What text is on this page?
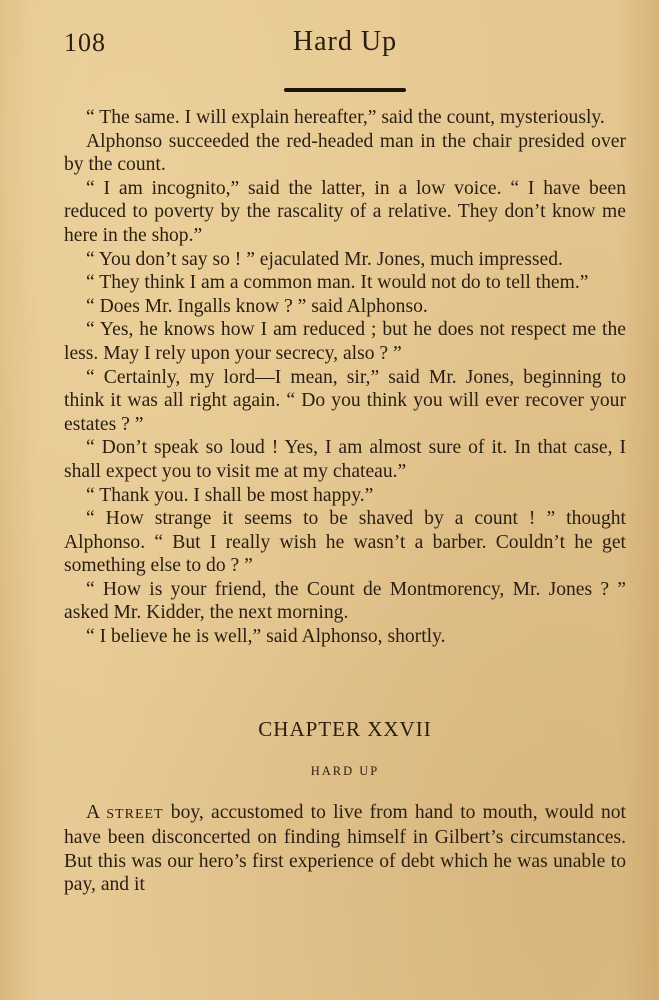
108	Hard Up

“ The same. I will explain hereafter,” said the count, mysteriously.

Alphonso succeeded the red-headed man in the chair presided over by the count.

“ I am incognito,” said the latter, in a low voice. “ I have been reduced to poverty by the rascality of a relative. They don’t know me here in the shop.”

“ You don’t say so ! ” ejaculated Mr. Jones, much impressed.

“ They think I am a common man. It would not do to tell them.”

“ Does Mr. Ingalls know ? ” said Alphonso.

“ Yes, he knows how I am reduced ; but he does not respect me the less. May I rely upon your secrecy, also ? ”

“ Certainly, my lord—I mean, sir,” said Mr. Jones, beginning to think it was all right again. “ Do you think you will ever recover your estates ? ”

“ Don’t speak so loud ! Yes, I am almost sure of it. In that case, I shall expect you to visit me at my chateau.”

“ Thank you. I shall be most happy.”

“ How strange it seems to be shaved by a count ! ” thought Alphonso. “ But I really wish he wasn’t a barber. Couldn’t he get something else to do ? ”

“ How is your friend, the Count de Montmorency, Mr. Jones ? ” asked Mr. Kidder, the next morning.

“ I believe he is well,” said Alphonso, shortly.

CHAPTER XXVII
HARD UP

A STREET boy, accustomed to live from hand to mouth, would not have been disconcerted on finding himself in Gilbert’s circumstances. But this was our hero’s first experience of debt which he was unable to pay, and it
